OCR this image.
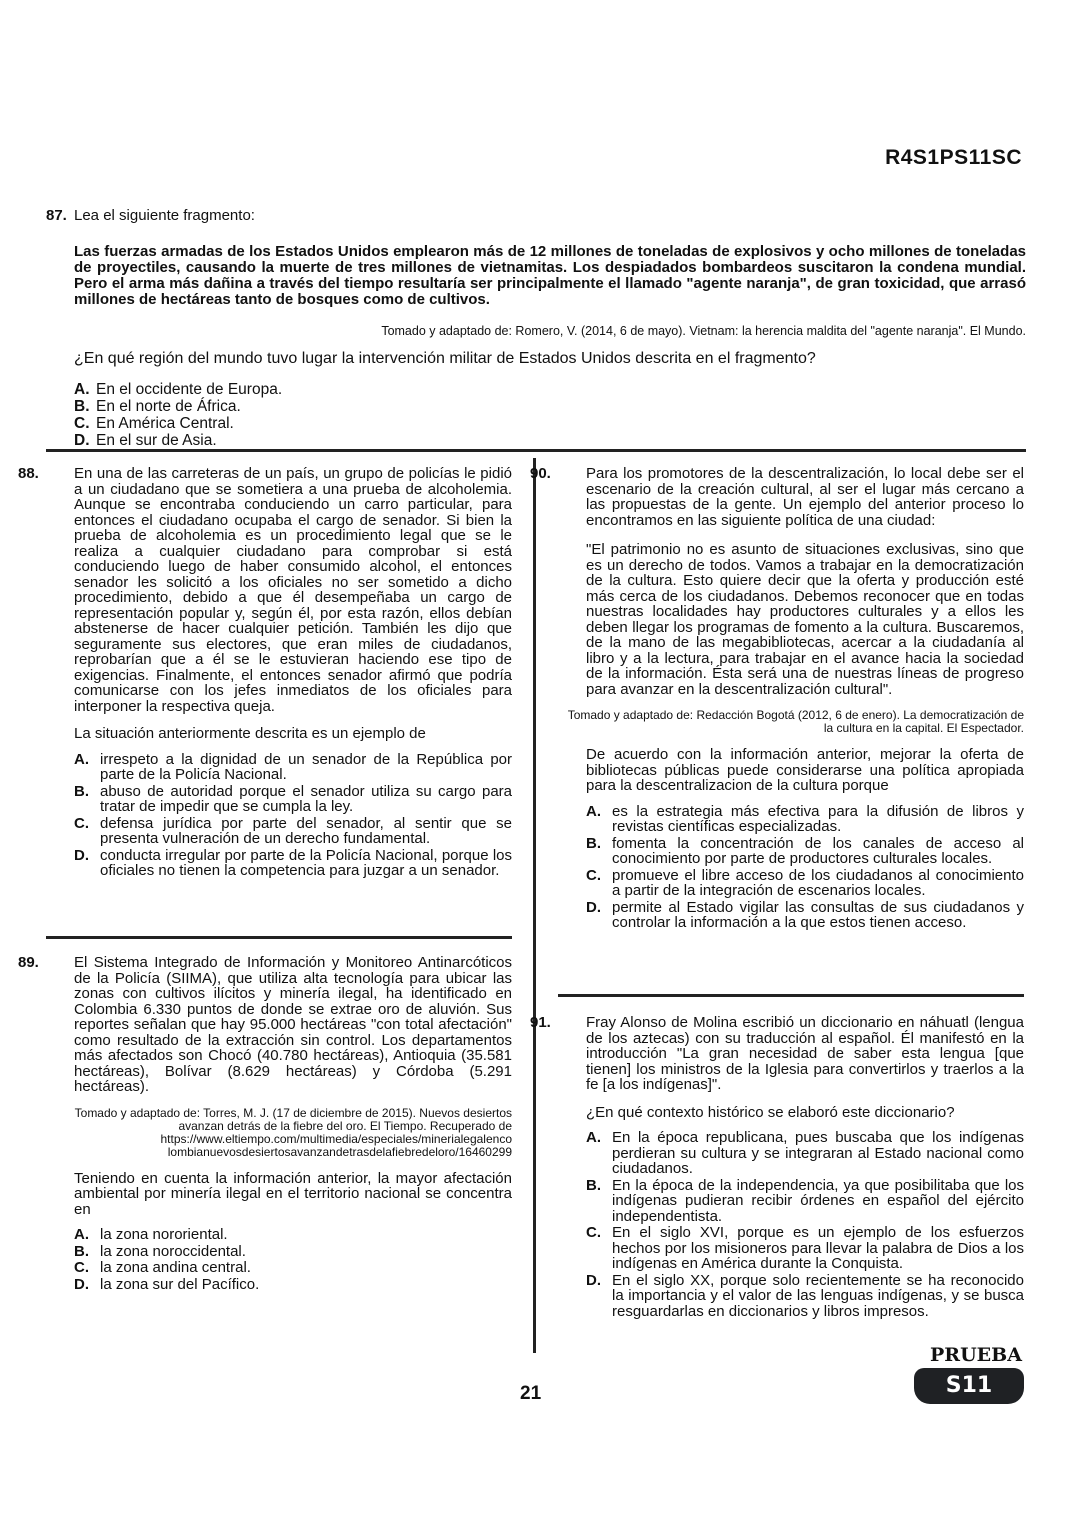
R4S1PS11SC
87. Lea el siguiente fragmento:
Las fuerzas armadas de los Estados Unidos emplearon más de 12 millones de toneladas de explosivos y ocho millones de toneladas de proyectiles, causando la muerte de tres millones de vietnamitas. Los despiadados bombardeos suscitaron la condena mundial. Pero el arma más dañina a través del tiempo resultaría ser principalmente el llamado "agente naranja", de gran toxicidad, que arrasó millones de hectáreas tanto de bosques como de cultivos.
Tomado y adaptado de: Romero, V. (2014, 6 de mayo). Vietnam: la herencia maldita del "agente naranja". El Mundo.
¿En qué región del mundo tuvo lugar la intervención militar de Estados Unidos descrita en el fragmento?
A. En el occidente de Europa.
B. En el norte de África.
C. En América Central.
D. En el sur de Asia.
88. En una de las carreteras de un país, un grupo de policías le pidió a un ciudadano que se sometiera a una prueba de alcoholemia. Aunque se encontraba conduciendo un carro particular, para entonces el ciudadano ocupaba el cargo de senador. Si bien la prueba de alcoholemia es un procedimiento legal que se le realiza a cualquier ciudadano para comprobar si está conduciendo luego de haber consumido alcohol, el entonces senador les solicitó a los oficiales no ser sometido a dicho procedimiento, debido a que él desempeñaba un cargo de representación popular y, según él, por esta razón, ellos debían abstenerse de hacer cualquier petición. También les dijo que seguramente sus electores, que eran miles de ciudadanos, reprobarían que a él se le estuvieran haciendo ese tipo de exigencias. Finalmente, el entonces senador afirmó que podría comunicarse con los jefes inmediatos de los oficiales para interponer la respectiva queja.
La situación anteriormente descrita es un ejemplo de
A. irrespeto a la dignidad de un senador de la República por parte de la Policía Nacional.
B. abuso de autoridad porque el senador utiliza su cargo para tratar de impedir que se cumpla la ley.
C. defensa jurídica por parte del senador, al sentir que se presenta vulneración de un derecho fundamental.
D. conducta irregular por parte de la Policía Nacional, porque los oficiales no tienen la competencia para juzgar a un senador.
89. El Sistema Integrado de Información y Monitoreo Antinarcóticos de la Policía (SIIMA), que utiliza alta tecnología para ubicar las zonas con cultivos ilícitos y minería ilegal, ha identificado en Colombia 6.330 puntos de donde se extrae oro de aluvión. Sus reportes señalan que hay 95.000 hectáreas "con total afectación" como resultado de la extracción sin control. Los departamentos más afectados son Chocó (40.780 hectáreas), Antioquia (35.581 hectáreas), Bolívar (8.629 hectáreas) y Córdoba (5.291 hectáreas).
Tomado y adaptado de: Torres, M. J. (17 de diciembre de 2015). Nuevos desiertos avanzan detrás de la fiebre del oro. El Tiempo. Recuperado de https://www.eltiempo.com/multimedia/especiales/minerialegalenco lombianuevosdesiertosavanzandetrasdelafiebredeloro/16460299
Teniendo en cuenta la información anterior, la mayor afectación ambiental por minería ilegal en el territorio nacional se concentra en
A. la zona nororiental.
B. la zona noroccidental.
C. la zona andina central.
D. la zona sur del Pacífico.
90. Para los promotores de la descentralización, lo local debe ser el escenario de la creación cultural, al ser el lugar más cercano a las propuestas de la gente. Un ejemplo del anterior proceso lo encontramos en las siguiente política de una ciudad:
"El patrimonio no es asunto de situaciones exclusivas, sino que es un derecho de todos. Vamos a trabajar en la democratización de la cultura. Esto quiere decir que la oferta y producción esté más cerca de los ciudadanos. Debemos reconocer que en todas nuestras localidades hay productores culturales y a ellos les deben llegar los programas de fomento a la cultura. Buscaremos, de la mano de las megabibliotecas, acercar a la ciudadanía al libro y a la lectura, para trabajar en el avance hacia la sociedad de la información. Ésta será una de nuestras líneas de progreso para avanzar en la descentralización cultural".
Tomado y adaptado de: Redacción Bogotá (2012, 6 de enero). La democratización de la cultura en la capital. El Espectador.
De acuerdo con la información anterior, mejorar la oferta de bibliotecas públicas puede considerarse una política apropiada para la descentralizacion de la cultura porque
A. es la estrategia más efectiva para la difusión de libros y revistas científicas especializadas.
B. fomenta la concentración de los canales de acceso al conocimiento por parte de productores culturales locales.
C. promueve el libre acceso de los ciudadanos al conocimiento a partir de la integración de escenarios locales.
D. permite al Estado vigilar las consultas de sus ciudadanos y controlar la información a la que estos tienen acceso.
91. Fray Alonso de Molina escribió un diccionario en náhuatl (lengua de los aztecas) con su traducción al español. Él manifestó en la introducción "La gran necesidad de saber esta lengua [que tienen] los ministros de la Iglesia para convertirlos y traerlos a la fe [a los indígenas]".
¿En qué contexto histórico se elaboró este diccionario?
A. En la época republicana, pues buscaba que los indígenas perdieran su cultura y se integraran al Estado nacional como ciudadanos.
B. En la época de la independencia, ya que posibilitaba que los indígenas pudieran recibir órdenes en español del ejército independentista.
C. En el siglo XVI, porque es un ejemplo de los esfuerzos hechos por los misioneros para llevar la palabra de Dios a los indígenas en América durante la Conquista.
D. En el siglo XX, porque solo recientemente se ha reconocido la importancia y el valor de las lenguas indígenas, y se busca resguardarlas en diccionarios y libros impresos.
21
PRUEBA
S11
